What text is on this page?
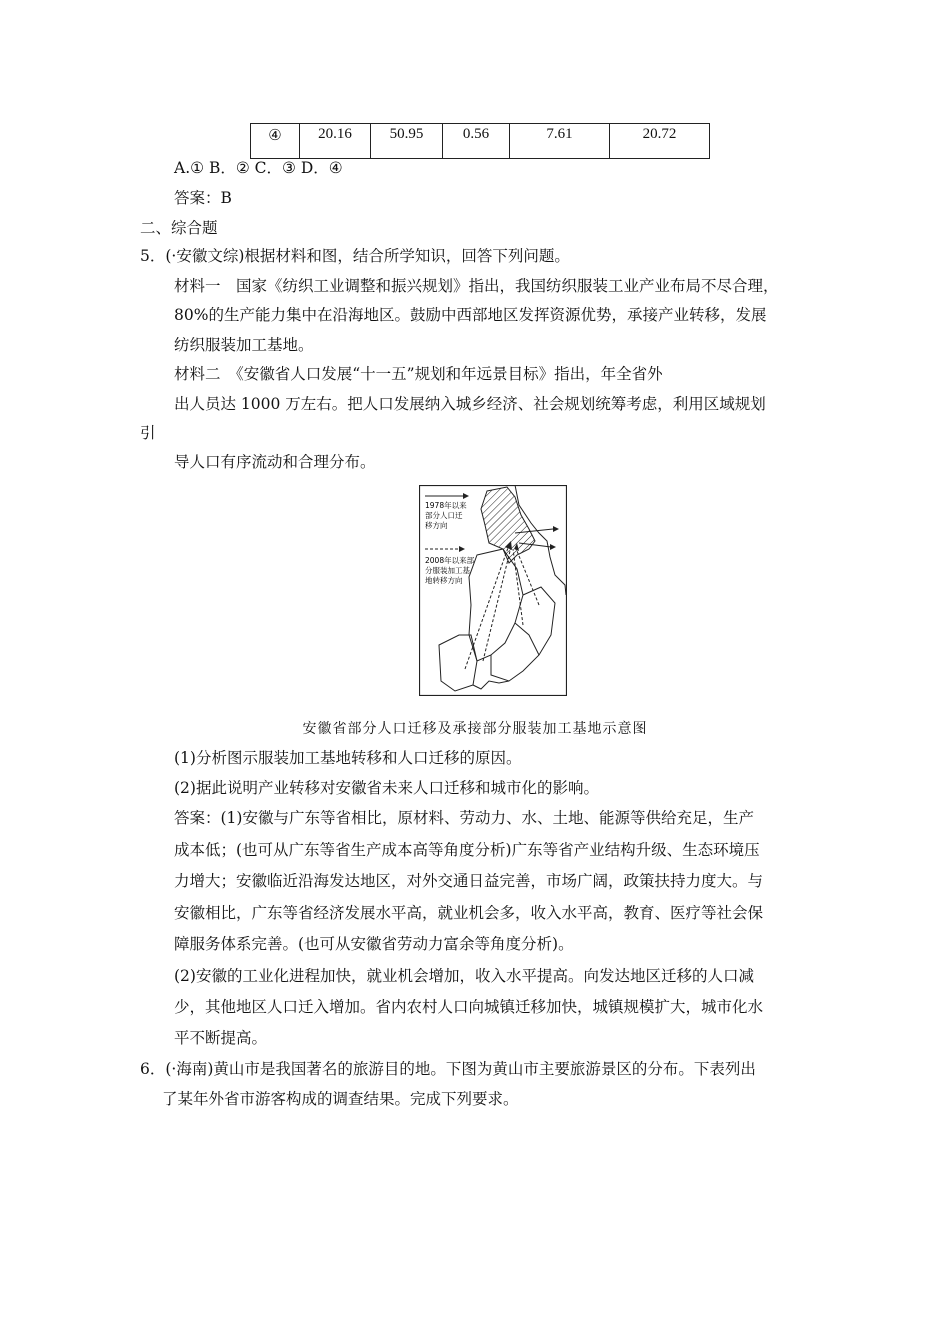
④	20.16	50.95	0.56	7.61	20.72
A.① B．② C．③ D．④
答案：B
二、综合题
5．(·安徽文综)根据材料和图，结合所学知识，回答下列问题。
材料一　国家《纺织工业调整和振兴规划》指出，我国纺织服装工业产业布局不尽合理，
80%的生产能力集中在沿海地区。鼓励中西部地区发挥资源优势，承接产业转移，发展
纺织服装加工基地。
材料二　《安徽省人口发展“十一五”规划和年远景目标》指出，年全省外
出人员达 1000 万左右。把人口发展纳入城乡经济、社会规划统筹考虑，利用区域规划
引
导人口有序流动和合理分布。
1978年以来
部分人口迁
移方向
2008年以来部
分服装加工基
地转移方向
安徽省部分人口迁移及承接部分服装加工基地示意图
(1)分析图示服装加工基地转移和人口迁移的原因。
(2)据此说明产业转移对安徽省未来人口迁移和城市化的影响。
答案：(1)安徽与广东等省相比，原材料、劳动力、水、土地、能源等供给充足，生产
成本低；(也可从广东等省生产成本高等角度分析)广东等省产业结构升级、生态环境压
力增大；安徽临近沿海发达地区，对外交通日益完善，市场广阔，政策扶持力度大。与
安徽相比，广东等省经济发展水平高，就业机会多，收入水平高，教育、医疗等社会保
障服务体系完善。(也可从安徽省劳动力富余等角度分析)。
(2)安徽的工业化进程加快，就业机会增加，收入水平提高。向发达地区迁移的人口减
少，其他地区人口迁入增加。省内农村人口向城镇迁移加快，城镇规模扩大，城市化水
平不断提高。
6．(·海南)黄山市是我国著名的旅游目的地。下图为黄山市主要旅游景区的分布。下表列出
了某年外省市游客构成的调查结果。完成下列要求。
